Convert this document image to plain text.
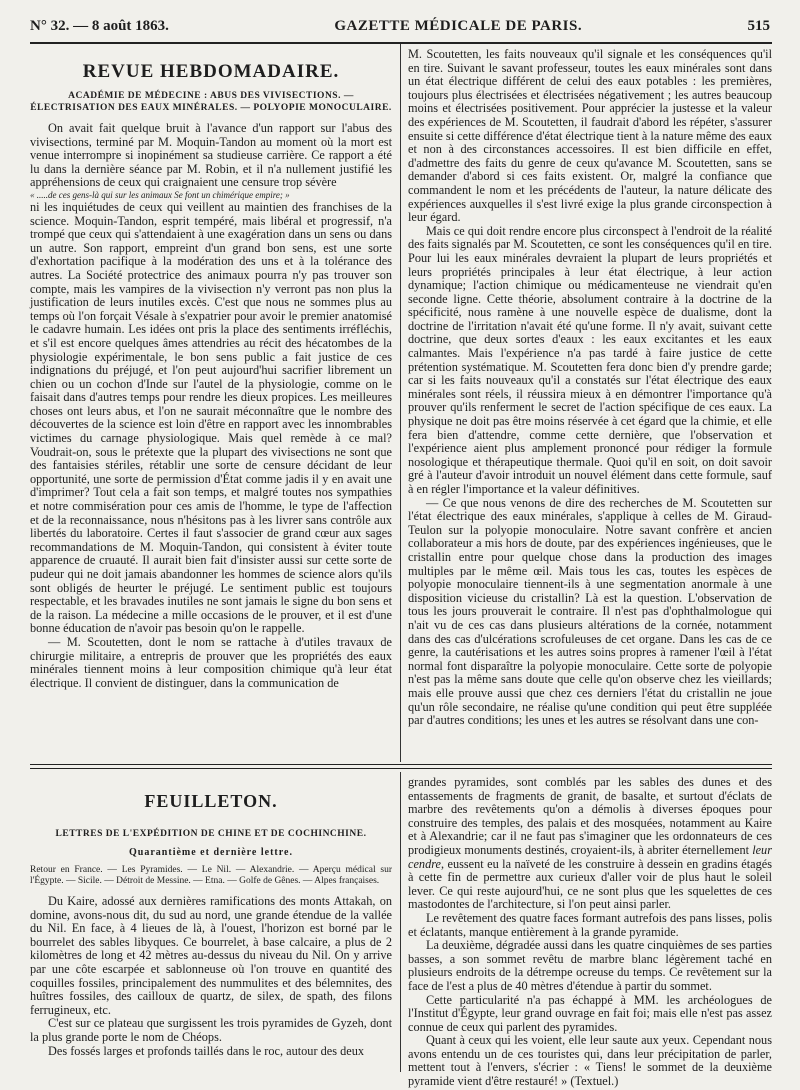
N° 32. — 8 août 1863.	GAZETTE MÉDICALE DE PARIS.	515
REVUE HEBDOMADAIRE.
ACADÉMIE DE MÉDECINE : ABUS DES VIVISECTIONS. — ÉLECTRISATION DES EAUX MINÉRALES. — POLYOPIE MONOCULAIRE.

On avait fait quelque bruit à l'avance d'un rapport sur l'abus des vivisections, terminé par M. Moquin-Tandon au moment où la mort est venue interrompre si inopinément sa studieuse carrière. Ce rapport a été lu dans la dernière séance par M. Robin, et il n'a nullement justifié les appréhensions de ceux qui craignaient une censure trop sévère

« .....de ces gens-là qui sur les animaux Se font un chimérique empire; »

ni les inquiétudes de ceux qui veillent au maintien des franchises de la science. Moquin-Tandon, esprit tempéré, mais libéral et progressif, n'a trompé que ceux qui s'attendaient à une exagération dans un sens ou dans un autre. Son rapport, empreint d'un grand bon sens, est une sorte d'exhortation pacifique à la modération des uns et à la tolérance des autres. La Société protectrice des animaux pourra n'y pas trouver son compte, mais les vampires de la vivisection n'y verront pas non plus la justification de leurs inutiles excès. C'est que nous ne sommes plus au temps où l'on forçait Vésale à s'expatrier pour avoir le premier anatomisé le cadavre humain. Les idées ont pris la place des sentiments irréfléchis, et s'il est encore quelques âmes attendries au récit des hécatombes de la physiologie expérimentale, le bon sens public a fait justice de ces indignations du préjugé, et l'on peut aujourd'hui sacrifier librement un chien ou un cochon d'Inde sur l'autel de la physiologie, comme on le faisait dans d'autres temps pour rendre les dieux propices. Les meilleures choses ont leurs abus, et l'on ne saurait méconnaître que le nombre des découvertes de la science est loin d'être en rapport avec les innombrables victimes du carnage physiologique. Mais quel remède à ce mal? Voudrait-on, sous le prétexte que la plupart des vivisections ne sont que des fantaisies stériles, rétablir une sorte de censure décidant de leur opportunité, une sorte de permission d'État comme jadis il y en avait une d'imprimer? Tout cela a fait son temps, et malgré toutes nos sympathies et notre commisération pour ces amis de l'homme, le type de l'affection et de la reconnaissance, nous n'hésitons pas à les livrer sans contrôle aux libertés du laboratoire. Certes il faut s'associer de grand cœur aux sages recommandations de M. Moquin-Tandon, qui consistent à éviter toute apparence de cruauté. Il aurait bien fait d'insister aussi sur cette sorte de pudeur qui ne doit jamais abandonner les hommes de science alors qu'ils sont obligés de heurter le préjugé. Le sentiment public est toujours respectable, et les bravades inutiles ne sont jamais le signe du bon sens et de la raison. La médecine a mille occasions de le prouver, et il est d'une bonne éducation de n'avoir pas besoin qu'on le rappelle.

— M. Scoutetten, dont le nom se rattache à d'utiles travaux de chirurgie militaire, a entrepris de prouver que les propriétés des eaux minérales tiennent moins à leur composition chimique qu'à leur état électrique. Il convient de distinguer, dans la communication de

M. Scoutetten, les faits nouveaux qu'il signale et les conséquences qu'il en tire. Suivant le savant professeur, toutes les eaux minérales sont dans un état électrique différent de celui des eaux potables : les premières, toujours plus électrisées et électrisées négativement ; les autres beaucoup moins et électrisées positivement. Pour apprécier la justesse et la valeur des expériences de M. Scoutetten, il faudrait d'abord les répéter, s'assurer ensuite si cette différence d'état électrique tient à la nature même des eaux et non à des circonstances accessoires. Il est bien difficile en effet, d'admettre des faits du genre de ceux qu'avance M. Scoutetten, sans se demander d'abord si ces faits existent. Or, malgré la confiance que commandent le nom et les précédents de l'auteur, la nature délicate des expériences auxquelles il s'est livré exige la plus grande circonspection à leur égard.

Mais ce qui doit rendre encore plus circonspect à l'endroit de la réalité des faits signalés par M. Scoutetten, ce sont les conséquences qu'il en tire. Pour lui les eaux minérales devraient la plupart de leurs propriétés et leurs propriétés principales à leur état électrique, à leur action dynamique; l'action chimique ou médicamenteuse ne viendrait qu'en seconde ligne. Cette théorie, absolument contraire à la doctrine de la spécificité, nous ramène à une nouvelle espèce de dualisme, dont la doctrine de l'irritation n'avait été qu'une forme. Il n'y avait, suivant cette doctrine, que deux sortes d'eaux : les eaux excitantes et les eaux calmantes. Mais l'expérience n'a pas tardé à faire justice de cette prétention systématique. M. Scoutetten fera donc bien d'y prendre garde; car si les faits nouveaux qu'il a constatés sur l'état électrique des eaux minérales sont réels, il réussira mieux à en démontrer l'importance qu'à prouver qu'ils renferment le secret de l'action spécifique de ces eaux. La physique ne doit pas être moins réservée à cet égard que la chimie, et elle fera bien d'attendre, comme cette dernière, que l'observation et l'expérience aient plus amplement prononcé pour rédiger la formule nosologique et thérapeutique thermale. Quoi qu'il en soit, on doit savoir gré à l'auteur d'avoir introduit un nouvel élément dans cette formule, sauf à en régler l'importance et la valeur définitives.

— Ce que nous venons de dire des recherches de M. Scoutetten sur l'état électrique des eaux minérales, s'applique à celles de M. Giraud-Teulon sur la polyopie monoculaire. Notre savant confrère et ancien collaborateur a mis hors de doute, par des expériences ingénieuses, que le cristallin entre pour quelque chose dans la production des images multiples par le même œil. Mais tous les cas, toutes les espèces de polyopie monoculaire tiennent-ils à une segmentation anormale à une disposition vicieuse du cristallin? Là est la question. L'observation de tous les jours prouverait le contraire. Il n'est pas d'ophthalmologue qui n'ait vu de ces cas dans plusieurs altérations de la cornée, notamment dans des cas d'ulcérations scrofuleuses de cet organe. Dans les cas de ce genre, la cautérisations et les autres soins propres à ramener l'œil à l'état normal font disparaître la polyopie monoculaire. Cette sorte de polyopie n'est pas la même sans doute que celle qu'on observe chez les vieillards; mais elle prouve aussi que chez ces derniers l'état du cristallin ne joue qu'un rôle secondaire, ne réalise qu'une condition qui peut être suppléée par d'autres conditions; les unes et les autres se résolvant dans une con-

FEUILLETON.
LETTRES DE L'EXPÉDITION DE CHINE ET DE COCHINCHINE.
Quarantième et dernière lettre.

Retour en France. — Les Pyramides. — Le Nil. — Alexandrie. — Aperçu médical sur l'Égypte. — Sicile. — Détroit de Messine. — Etna. — Golfe de Gênes. — Alpes françaises.

Du Kaire, adossé aux dernières ramifications des monts Attakah, on domine, avons-nous dit, du sud au nord, une grande étendue de la vallée du Nil. En face, à 4 lieues de là, à l'ouest, l'horizon est borné par le bourrelet des sables libyques. Ce bourrelet, à base calcaire, a plus de 2 kilomètres de long et 42 mètres au-dessus du niveau du Nil. On y arrive par une côte escarpée et sablonneuse où l'on trouve en quantité des coquilles fossiles, principalement des nummulites et des bélemnites, des huîtres fossiles, des cailloux de quartz, de silex, de spath, des filons ferrugineux, etc.

C'est sur ce plateau que surgissent les trois pyramides de Gyzeh, dont la plus grande porte le nom de Chéops.

Des fossés larges et profonds taillés dans le roc, autour des deux

grandes pyramides, sont comblés par les sables des dunes et des entassements de fragments de granit, de basalte, et surtout d'éclats de marbre des revêtements qu'on a démolis à diverses époques pour construire des temples, des palais et des mosquées, notamment au Kaire et à Alexandrie; car il ne faut pas s'imaginer que les ordonnateurs de ces prodigieux monuments destinés, croyaient-ils, à abriter éternellement leur cendre, eussent eu la naïveté de les construire à dessein en gradins étagés à cette fin de permettre aux curieux d'aller voir de plus haut le soleil lever. Ce qui reste aujourd'hui, ce ne sont plus que les squelettes de ces mastodontes de l'architecture, si l'on peut ainsi parler.

Le revêtement des quatre faces formant autrefois des pans lisses, polis et éclatants, manque entièrement à la grande pyramide.

La deuxième, dégradée aussi dans les quatre cinquièmes de ses parties basses, a son sommet revêtu de marbre blanc légèrement taché en plusieurs endroits de la détrempe ocreuse du temps. Ce revêtement sur la face de l'est a plus de 40 mètres d'étendue à partir du sommet.

Cette particularité n'a pas échappé à MM. les archéologues de l'Institut d'Égypte, leur grand ouvrage en fait foi; mais elle n'est pas assez connue de ceux qui parlent des pyramides.

Quant à ceux qui les voient, elle leur saute aux yeux. Cependant nous avons entendu un de ces touristes qui, dans leur précipitation de parler, mettent tout à l'envers, s'écrier : « Tiens! le sommet de la deuxième pyramide vient d'être restauré! » (Textuel.)
